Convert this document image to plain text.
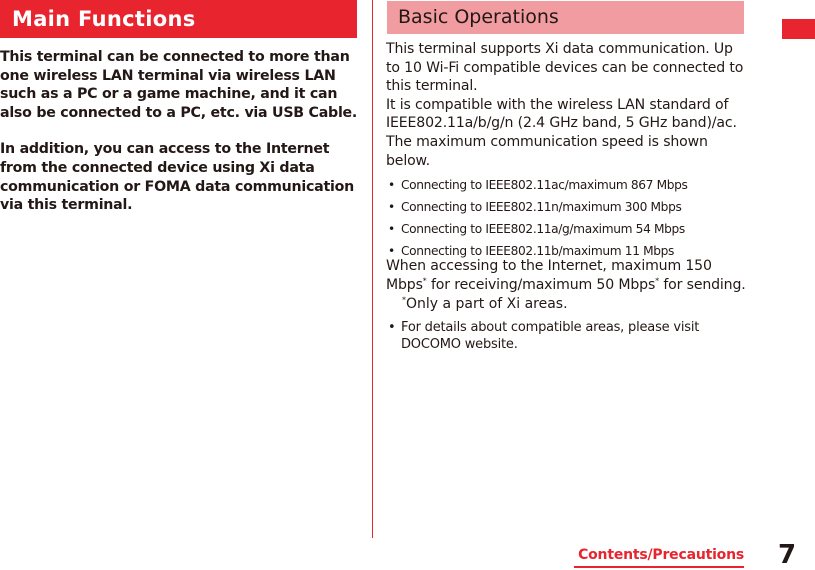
Main Functions

This terminal can be connected to more than one wireless LAN terminal via wireless LAN such as a PC or a game machine, and it can also be connected to a PC, etc. via USB Cable.

In addition, you can access to the Internet from the connected device using Xi data communication or FOMA data communication via this terminal.

Basic Operations

This terminal supports Xi data communication. Up to 10 Wi-Fi compatible devices can be connected to this terminal.

It is compatible with the wireless LAN standard of IEEE802.11a/b/g/n (2.4 GHz band, 5 GHz band)/ac. The maximum communication speed is shown below.

• Connecting to IEEE802.11ac/maximum 867 Mbps
• Connecting to IEEE802.11n/maximum 300 Mbps
• Connecting to IEEE802.11a/g/maximum 54 Mbps
• Connecting to IEEE802.11b/maximum 11 Mbps

When accessing to the Internet, maximum 150 Mbps* for receiving/maximum 50 Mbps* for sending.

*Only a part of Xi areas.

• For details about compatible areas, please visit DOCOMO website.
Contents/Precautions 7
